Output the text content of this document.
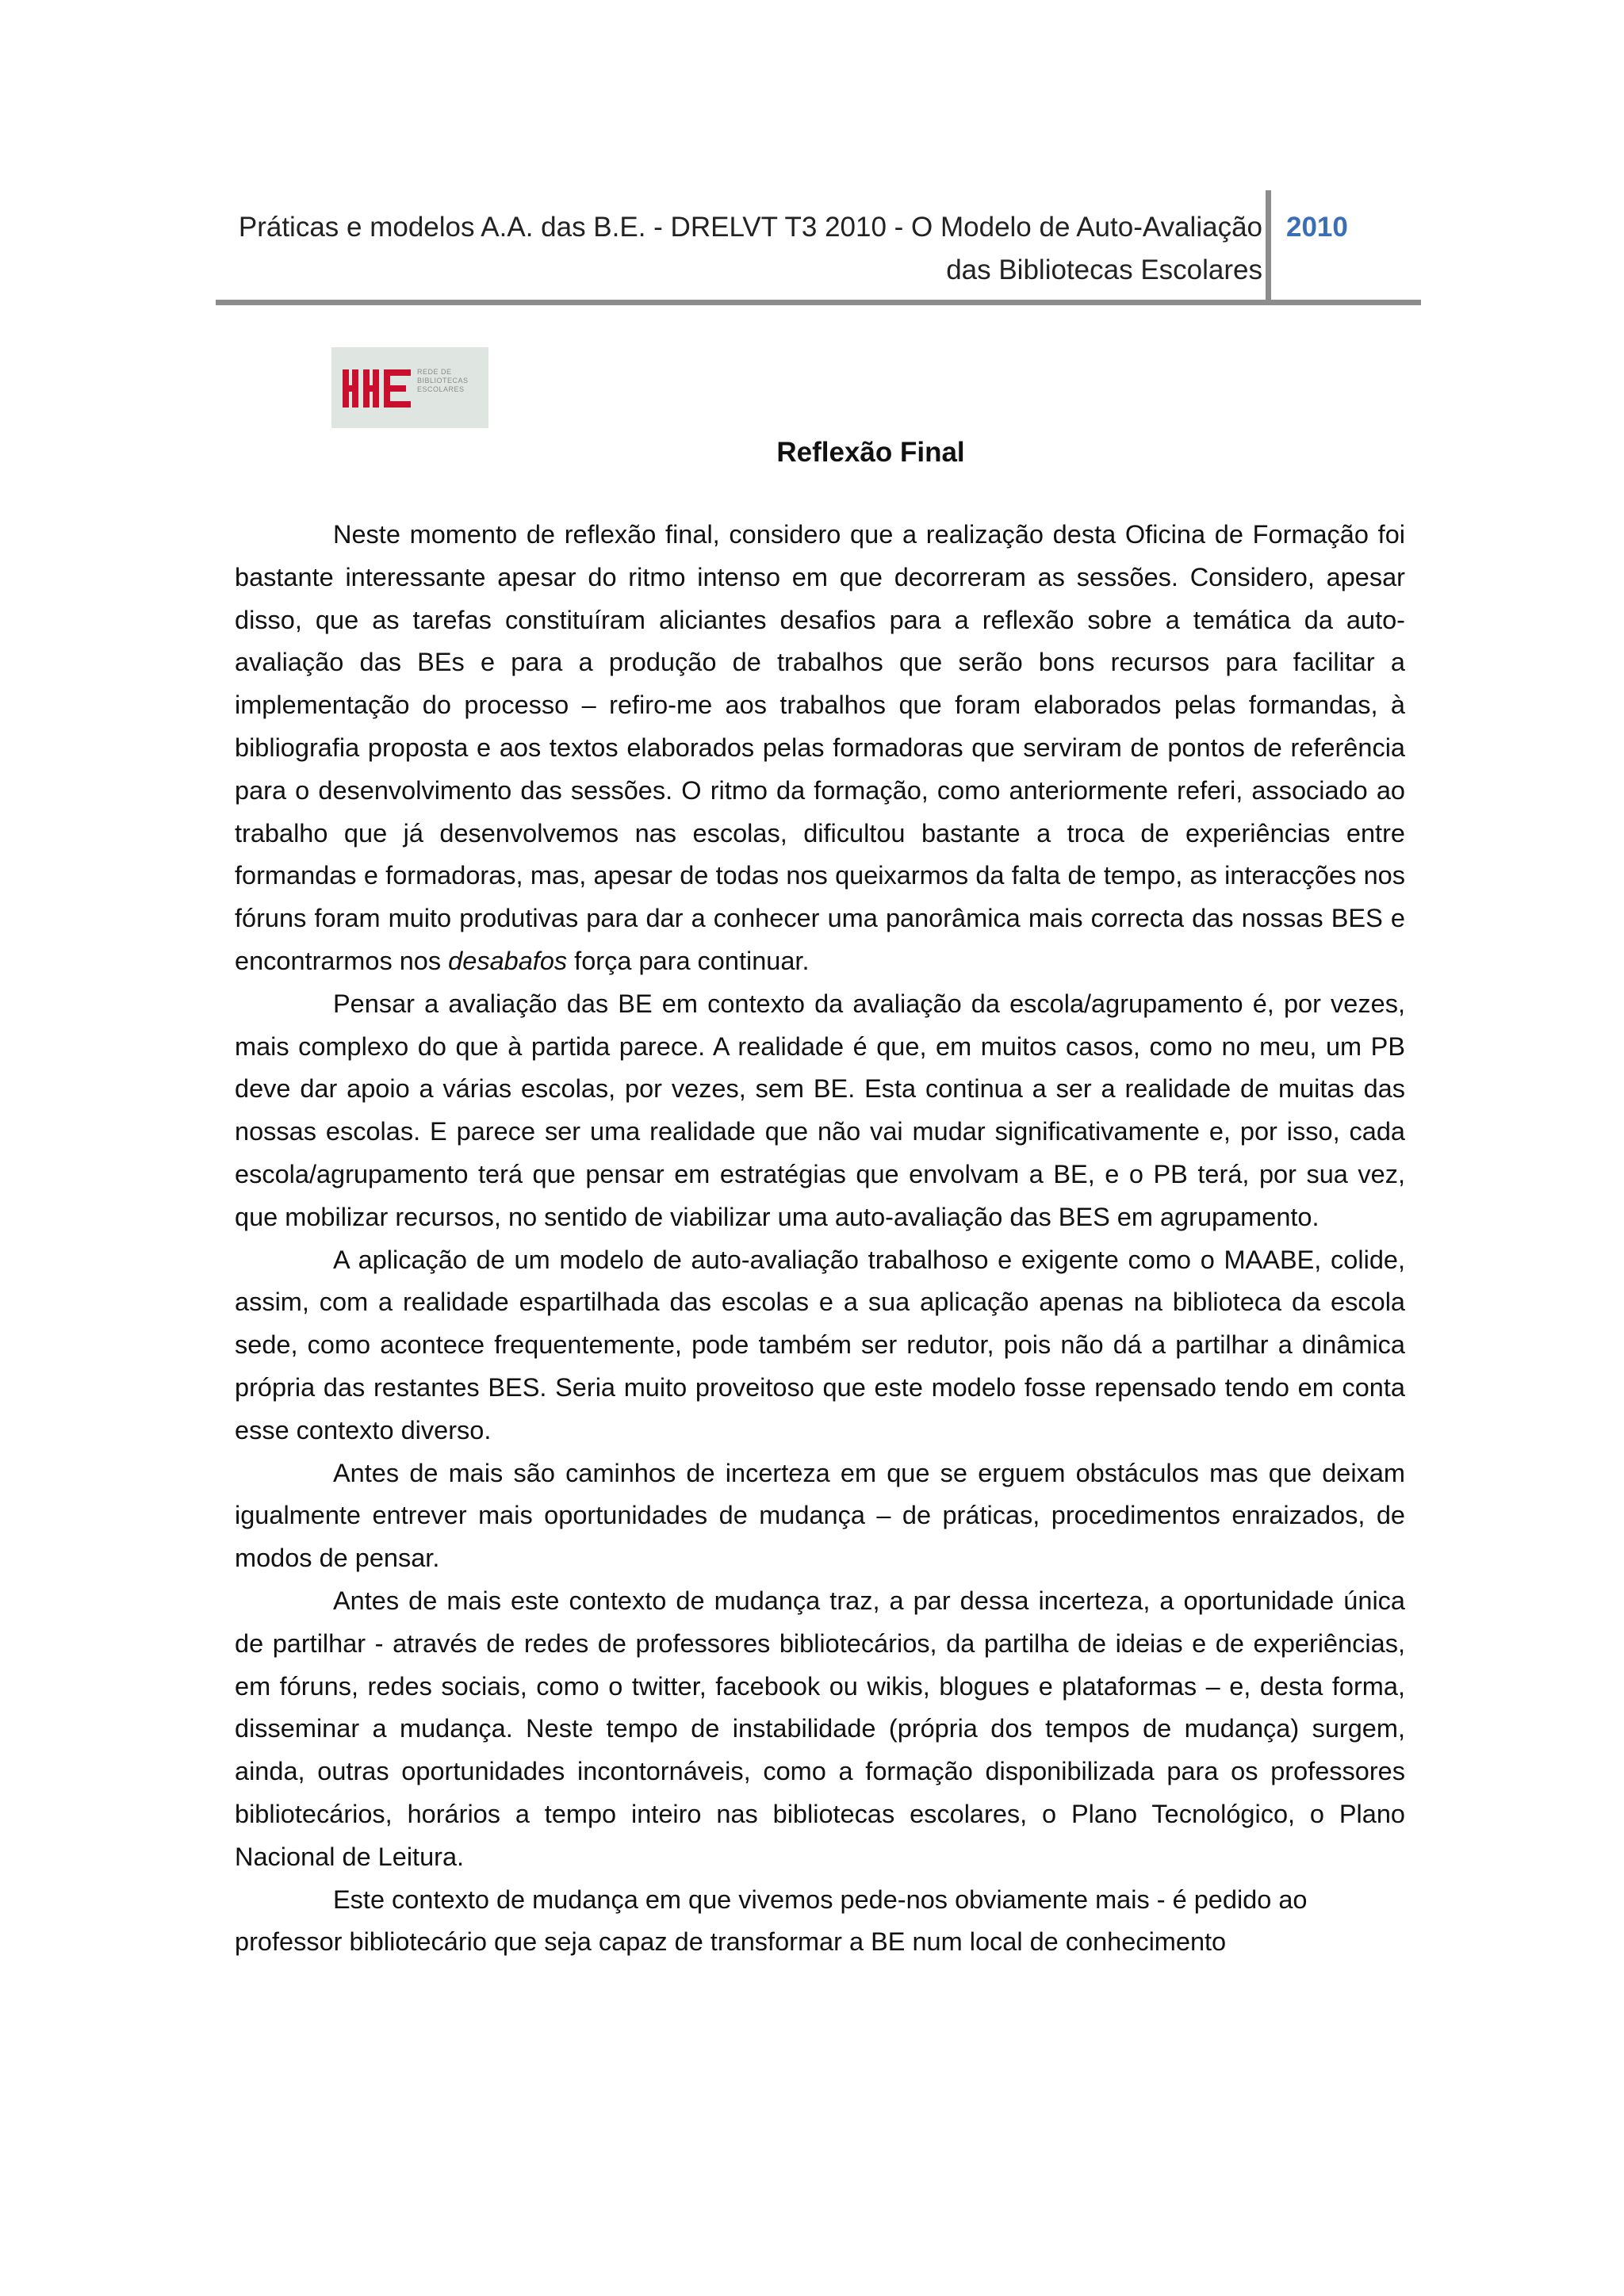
Práticas e modelos A.A. das B.E. - DRELVT T3 2010 - O Modelo de Auto-Avaliação
das Bibliotecas Escolares
2010
REDE DE
BIBLIOTECAS
ESCOLARES
Reflexão Final

Neste momento de reflexão final, considero que a realização desta Oficina de Formação foi bastante interessante apesar do ritmo intenso em que decorreram as sessões. Considero, apesar disso, que as tarefas constituíram aliciantes desafios para a reflexão sobre a temática da auto-avaliação das BEs e para a produção de trabalhos que serão bons recursos para facilitar a implementação do processo – refiro-me aos trabalhos que foram elaborados pelas formandas, à bibliografia proposta e aos textos elaborados pelas formadoras que serviram de pontos de referência para o desenvolvimento das sessões. O ritmo da formação, como anteriormente referi, associado ao trabalho que já desenvolvemos nas escolas, dificultou bastante a troca de experiências entre formandas e formadoras, mas, apesar de todas nos queixarmos da falta de tempo, as interacções nos fóruns foram muito produtivas para dar a conhecer uma panorâmica mais correcta das nossas BES e encontrarmos nos desabafos força para continuar.

Pensar a avaliação das BE em contexto da avaliação da escola/agrupamento é, por vezes, mais complexo do que à partida parece. A realidade é que, em muitos casos, como no meu, um PB deve dar apoio a várias escolas, por vezes, sem BE. Esta continua a ser a realidade de muitas das nossas escolas. E parece ser uma realidade que não vai mudar significativamente e, por isso, cada escola/agrupamento terá que pensar em estratégias que envolvam a BE, e o PB terá, por sua vez, que mobilizar recursos, no sentido de viabilizar uma auto-avaliação das BES em agrupamento.

A aplicação de um modelo de auto-avaliação trabalhoso e exigente como o MAABE, colide, assim, com a realidade espartilhada das escolas e a sua aplicação apenas na biblioteca da escola sede, como acontece frequentemente, pode também ser redutor, pois não dá a partilhar a dinâmica própria das restantes BES. Seria muito proveitoso que este modelo fosse repensado tendo em conta esse contexto diverso.

Antes de mais são caminhos de incerteza em que se erguem obstáculos mas que deixam igualmente entrever mais oportunidades de mudança – de práticas, procedimentos enraizados, de modos de pensar.

Antes de mais este contexto de mudança traz, a par dessa incerteza, a oportunidade única de partilhar - através de redes de professores bibliotecários, da partilha de ideias e de experiências, em fóruns, redes sociais, como o twitter, facebook ou wikis, blogues e plataformas – e, desta forma, disseminar a mudança. Neste tempo de instabilidade (própria dos tempos de mudança) surgem, ainda, outras oportunidades incontornáveis, como a formação disponibilizada para os professores bibliotecários, horários a tempo inteiro nas bibliotecas escolares, o Plano Tecnológico, o Plano Nacional de Leitura.

Este contexto de mudança em que vivemos pede-nos obviamente mais - é pedido ao professor bibliotecário que seja capaz de transformar a BE num local de conhecimento
